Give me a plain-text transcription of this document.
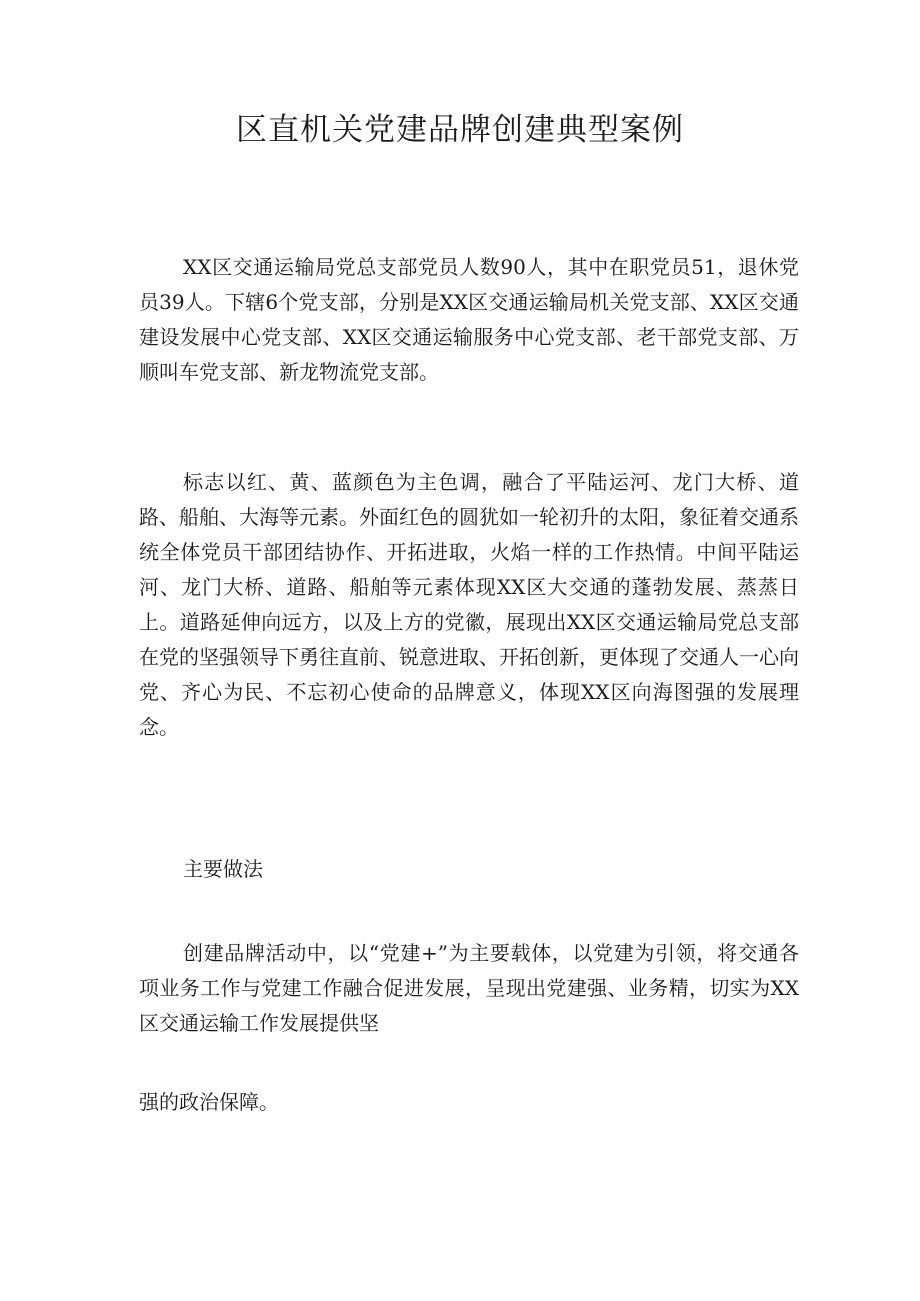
区直机关党建品牌创建典型案例

XX区交通运输局党总支部党员人数90人，其中在职党员51，退休党员39人。下辖6个党支部，分别是XX区交通运输局机关党支部、XX区交通建设发展中心党支部、XX区交通运输服务中心党支部、老干部党支部、万顺叫车党支部、新龙物流党支部。

标志以红、黄、蓝颜色为主色调，融合了平陆运河、龙门大桥、道路、船舶、大海等元素。外面红色的圆犹如一轮初升的太阳，象征着交通系统全体党员干部团结协作、开拓进取，火焰一样的工作热情。中间平陆运河、龙门大桥、道路、船舶等元素体现XX区大交通的蓬勃发展、蒸蒸日上。道路延伸向远方，以及上方的党徽，展现出XX区交通运输局党总支部在党的坚强领导下勇往直前、锐意进取、开拓创新，更体现了交通人一心向党、齐心为民、不忘初心使命的品牌意义，体现XX区向海图强的发展理念。

主要做法

创建品牌活动中，以“党建+”为主要载体，以党建为引领，将交通各项业务工作与党建工作融合促进发展，呈现出党建强、业务精，切实为XX区交通运输工作发展提供坚

强的政治保障。
